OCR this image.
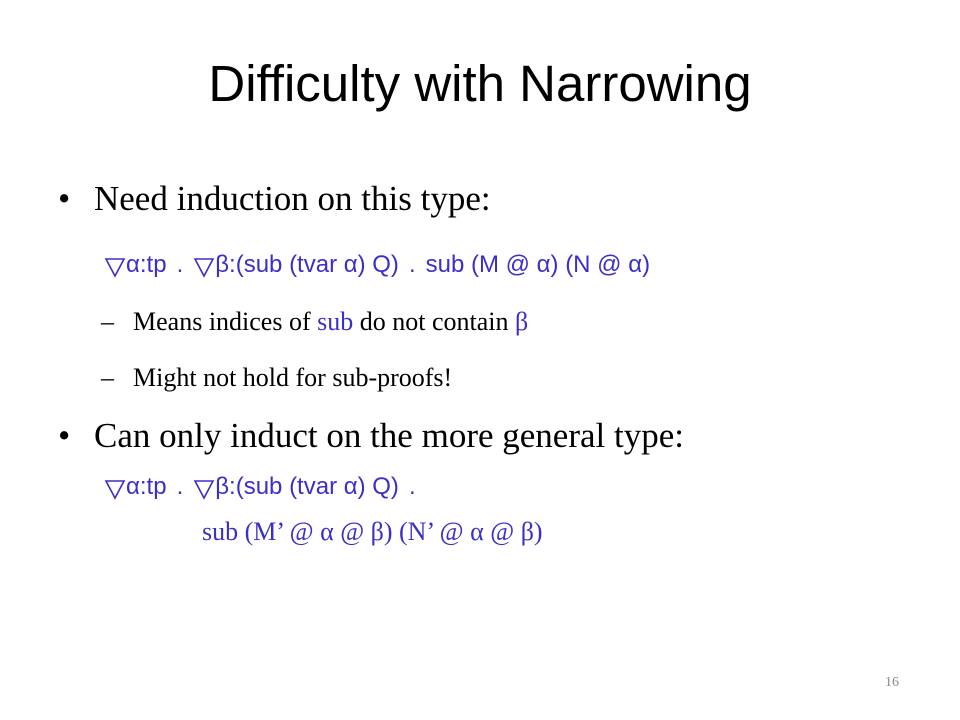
Difficulty with Narrowing
• Need induction on this type:
α:tp . β:(sub (tvar α) Q) . sub (M @ α) (N @ α)
– Means indices of sub do not contain β
– Might not hold for sub-proofs!
• Can only induct on the more general type:
α:tp . β:(sub (tvar α) Q) .
sub (M’ @ α @ β) (N’ @ α @ β)
16
